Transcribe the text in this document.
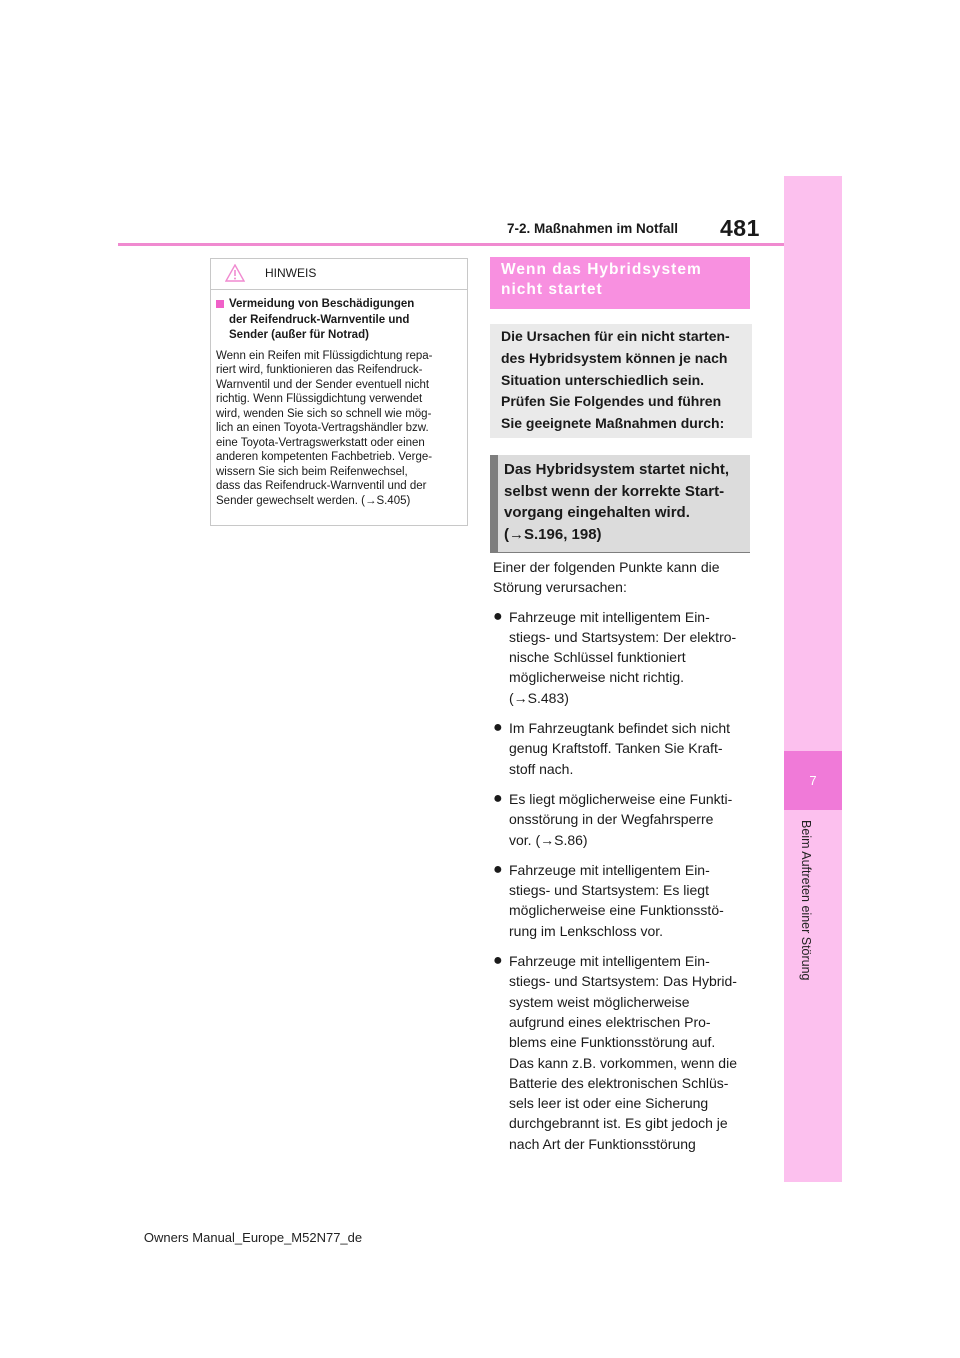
481
7-2. Maßnahmen im Notfall
7
Beim Auftreten einer Störung
HINWEIS
Vermeidung von Beschädigungen
der Reifendruck-Warnventile und
Sender (außer für Notrad)
Wenn ein Reifen mit Flüssigdichtung repa-
riert wird, funktionieren das Reifendruck-
Warnventil und der Sender eventuell nicht
richtig. Wenn Flüssigdichtung verwendet
wird, wenden Sie sich so schnell wie mög-
lich an einen Toyota-Vertragshändler bzw.
eine Toyota-Vertragswerkstatt oder einen
anderen kompetenten Fachbetrieb. Verge-
wissern Sie sich beim Reifenwechsel,
dass das Reifendruck-Warnventil und der
Sender gewechselt werden. (→S.405)
Wenn das Hybridsystem
nicht startet
Die Ursachen für ein nicht starten-
des Hybridsystem können je nach
Situation unterschiedlich sein.
Prüfen Sie Folgendes und führen
Sie geeignete Maßnahmen durch:
Das Hybridsystem startet nicht,
selbst wenn der korrekte Start-
vorgang eingehalten wird.
(→S.196, 198)
Einer der folgenden Punkte kann die
Störung verursachen:
● Fahrzeuge mit intelligentem Ein-
stiegs- und Startsystem: Der elektro-
nische Schlüssel funktioniert
möglicherweise nicht richtig.
(→S.483)
● Im Fahrzeugtank befindet sich nicht
genug Kraftstoff. Tanken Sie Kraft-
stoff nach.
● Es liegt möglicherweise eine Funkti-
onsstörung in der Wegfahrsperre
vor. (→S.86)
● Fahrzeuge mit intelligentem Ein-
stiegs- und Startsystem: Es liegt
möglicherweise eine Funktionsstö-
rung im Lenkschloss vor.
● Fahrzeuge mit intelligentem Ein-
stiegs- und Startsystem: Das Hybrid-
system weist möglicherweise
aufgrund eines elektrischen Pro-
blems eine Funktionsstörung auf.
Das kann z.B. vorkommen, wenn die
Batterie des elektronischen Schlüs-
sels leer ist oder eine Sicherung
durchgebrannt ist. Es gibt jedoch je
nach Art der Funktionsstörung
Owners Manual_Europe_M52N77_de
